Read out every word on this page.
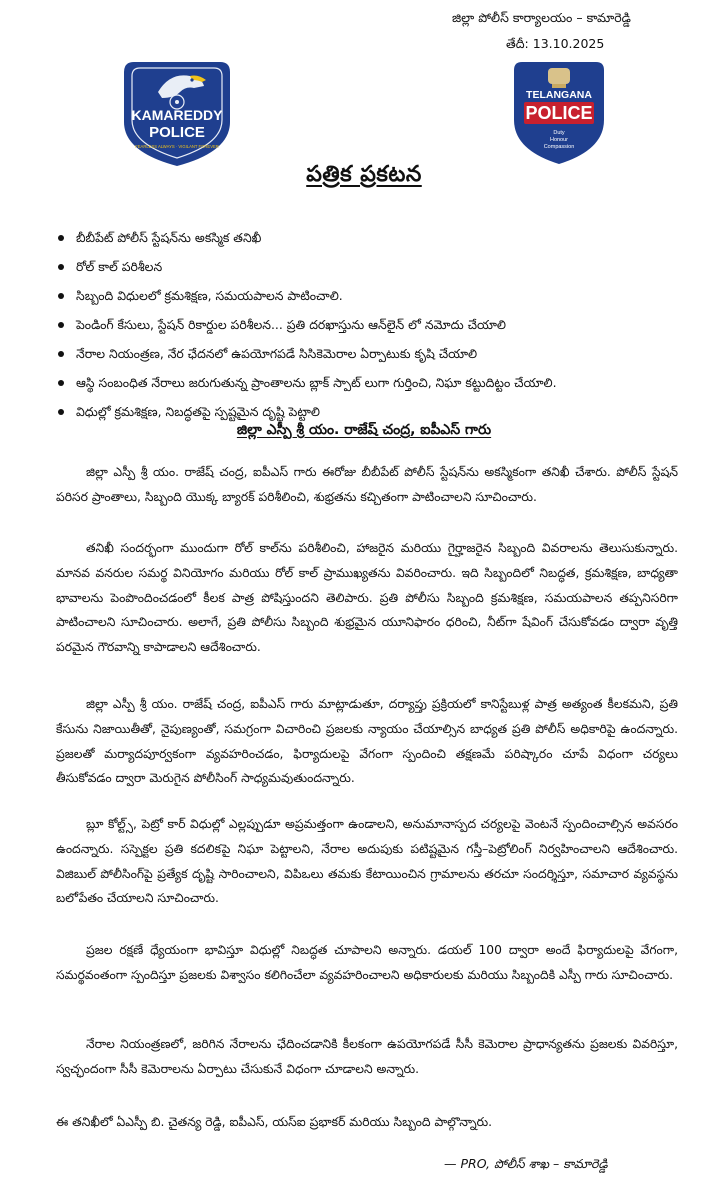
జిల్లా పోలీస్ కార్యాలయం – కామారెడ్డి
తేదీ: 13.10.2025
KAMAREDDY
POLICE
FEARLESS ALWAYS · VIGILANT FOREVER
TELANGANA
POLICE
Duty
Honour
Compassion
పత్రిక ప్రకటన
బీబీపేట్ పోలీస్ స్టేషన్‌ను అకస్మిక తనిఖీ
రోల్ కాల్ పరిశీలన
సిబ్బంది విధులలో క్రమశిక్షణ, సమయపాలన పాటించాలి.
పెండింగ్ కేసులు, స్టేషన్ రికార్డుల పరిశీలన... ప్రతి దరఖాస్తును ఆన్‌లైన్ లో నమోదు చేయాలి
నేరాల నియంత్రణ, నేర ఛేదనలో ఉపయోగపడే సిసికెమెరాల ఏర్పాటుకు కృషి చేయాలి
ఆస్థి సంబంధిత నేరాలు జరుగుతున్న ప్రాంతాలను బ్లాక్ స్పాట్ లుగా గుర్తించి, నిఘా కట్టుదిట్టం చేయాలి.
విధుల్లో క్రమశిక్షణ, నిబద్ధతపై స్పష్టమైన దృష్టి పెట్టాలి
జిల్లా ఎస్పీ శ్రీ యం. రాజేష్ చంద్ర, ఐపీఎస్ గారు

జిల్లా ఎస్పీ శ్రీ యం. రాజేష్ చంద్ర, ఐపీఎస్ గారు ఈరోజు బీబీపేట్ పోలీస్ స్టేషన్‌ను అకస్మికంగా తనిఖీ చేశారు. పోలీస్ స్టేషన్ పరిసర ప్రాంతాలు, సిబ్బంది యొక్క బ్యారక్ పరిశీలించి, శుభ్రతను కచ్చితంగా పాటించాలని సూచించారు.

తనిఖీ సందర్భంగా ముందుగా రోల్ కాల్‌ను పరిశీలించి, హాజరైన మరియు గైర్హాజరైన సిబ్బంది వివరాలను తెలుసుకున్నారు. మానవ వనరుల సమర్థ వినియోగం మరియు రోల్ కాల్ ప్రాముఖ్యతను వివరించారు. ఇది సిబ్బందిలో నిబద్ధత, క్రమశిక్షణ, బాధ్యతా భావాలను పెంపొందించడంలో కీలక పాత్ర పోషిస్తుందని తెలిపారు. ప్రతి పోలీసు సిబ్బంది క్రమశిక్షణ, సమయపాలన తప్పనిసరిగా పాటించాలని సూచించారు. అలాగే, ప్రతి పోలీసు సిబ్బంది శుభ్రమైన యూనిఫారం ధరించి, నీట్‌గా షేవింగ్ చేసుకోవడం ద్వారా వృత్తి పరమైన గౌరవాన్ని కాపాడాలని ఆదేశించారు.

జిల్లా ఎస్పీ శ్రీ యం. రాజేష్ చంద్ర, ఐపీఎస్ గారు మాట్లాడుతూ, దర్యాప్తు ప్రక్రియలో కానిస్టేబుళ్ల పాత్ర అత్యంత కీలకమని, ప్రతి కేసును నిజాయితీతో, నైపుణ్యంతో, సమగ్రంగా విచారించి ప్రజలకు న్యాయం చేయాల్సిన బాధ్యత ప్రతి పోలీస్ అధికారిపై ఉందన్నారు. ప్రజలతో మర్యాదపూర్వకంగా వ్యవహరించడం, ఫిర్యాదులపై వేగంగా స్పందించి తక్షణమే పరిష్కారం చూపే విధంగా చర్యలు తీసుకోవడం ద్వారా మెరుగైన పోలీసింగ్ సాధ్యమవుతుందన్నారు.

బ్లూ కోల్ట్స్, పెట్రో కార్ విధుల్లో ఎల్లప్పుడూ అప్రమత్తంగా ఉండాలని, అనుమానాస్పద చర్యలపై వెంటనే స్పందించాల్సిన అవసరం ఉందన్నారు. సస్పెక్టల ప్రతి కదలికపై నిఘా పెట్టాలని, నేరాల అదుపుకు పటిష్టమైన గస్తీ–పెట్రోలింగ్ నిర్వహించాలని ఆదేశించారు. విజిబుల్ పోలీసింగ్‌పై ప్రత్యేక దృష్టి సారించాలని, విపిఒలు తమకు కేటాయించిన గ్రామాలను తరచూ సందర్శిస్తూ, సమాచార వ్యవస్థను బలోపేతం చేయాలని సూచించారు.

ప్రజల రక్షణే ధ్యేయంగా భావిస్తూ విధుల్లో నిబద్ధత చూపాలని అన్నారు. డయల్ 100 ద్వారా అందే ఫిర్యాదులపై వేగంగా, సమర్థవంతంగా స్పందిస్తూ ప్రజలకు విశ్వాసం కలిగించేలా వ్యవహరించాలని అధికారులకు మరియు సిబ్బందికి ఎస్పీ గారు సూచించారు.

నేరాల నియంత్రణలో, జరిగిన నేరాలను ఛేదించడానికి కీలకంగా ఉపయోగపడే సీసీ కెమెరాల ప్రాధాన్యతను ప్రజలకు వివరిస్తూ, స్వచ్ఛందంగా సీసీ కెమెరాలను ఏర్పాటు చేసుకునే విధంగా చూడాలని అన్నారు.

ఈ తనిఖీలో ఏఎస్పీ బి. చైతన్య రెడ్డి, ఐపీఎస్, యస్ఐ ప్రభాకర్ మరియు సిబ్బంది పాల్గొన్నారు.

— PRO, పోలీస్ శాఖ – కామారెడ్డి
